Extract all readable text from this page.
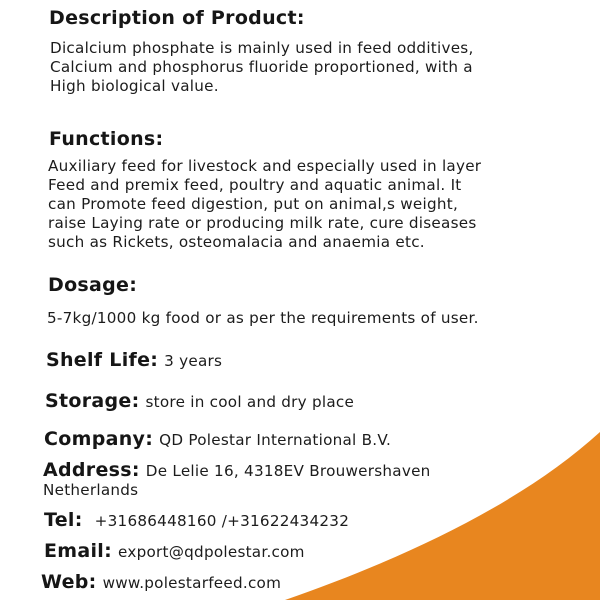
Description of Product:
Dicalcium phosphate is mainly used in feed odditives,
Calcium and phosphorus fluoride proportioned, with a
High biological value.
Functions:
Auxiliary feed for livestock and especially used in layer
Feed and premix feed, poultry and aquatic animal. It
can Promote feed digestion, put on animal,s weight,
raise Laying rate or producing milk rate, cure diseases
such as Rickets, osteomalacia and anaemia etc.
Dosage:
5-7kg/1000 kg food or as per the requirements of user.
Shelf Life: 3 years
Storage: store in cool and dry place
Company: QD Polestar International B.V.
Address: De Lelie 16, 4318EV Brouwershaven
Netherlands
Tel: +31686448160 /+31622434232
Email: export@qdpolestar.com
Web: www.polestarfeed.com
